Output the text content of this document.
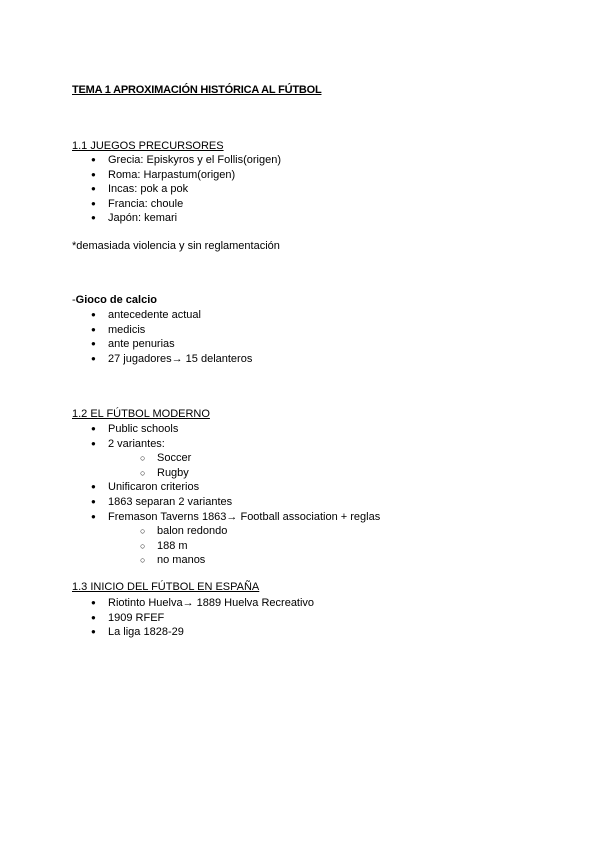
TEMA 1 APROXIMACIÓN HISTÓRICA AL FÚTBOL
1.1 JUEGOS PRECURSORES
● Grecia: Episkyros y el Follis(origen)
● Roma: Harpastum(origen)
● Incas: pok a pok
● Francia: choule
● Japón: kemari
*demasiada violencia y sin reglamentación
-Gioco de calcio
● antecedente actual
● medicis
● ante penurias
● 27 jugadores→ 15 delanteros
1.2 EL FÚTBOL MODERNO
● Public schools
● 2 variantes:
○ Soccer
○ Rugby
● Unificaron criterios
● 1863 separan 2 variantes
● Fremason Taverns 1863→ Football association + reglas
○ balon redondo
○ 188 m
○ no manos
1.3 INICIO DEL FÚTBOL EN ESPAÑA
● Riotinto Huelva→ 1889 Huelva Recreativo
● 1909 RFEF
● La liga 1828-29
